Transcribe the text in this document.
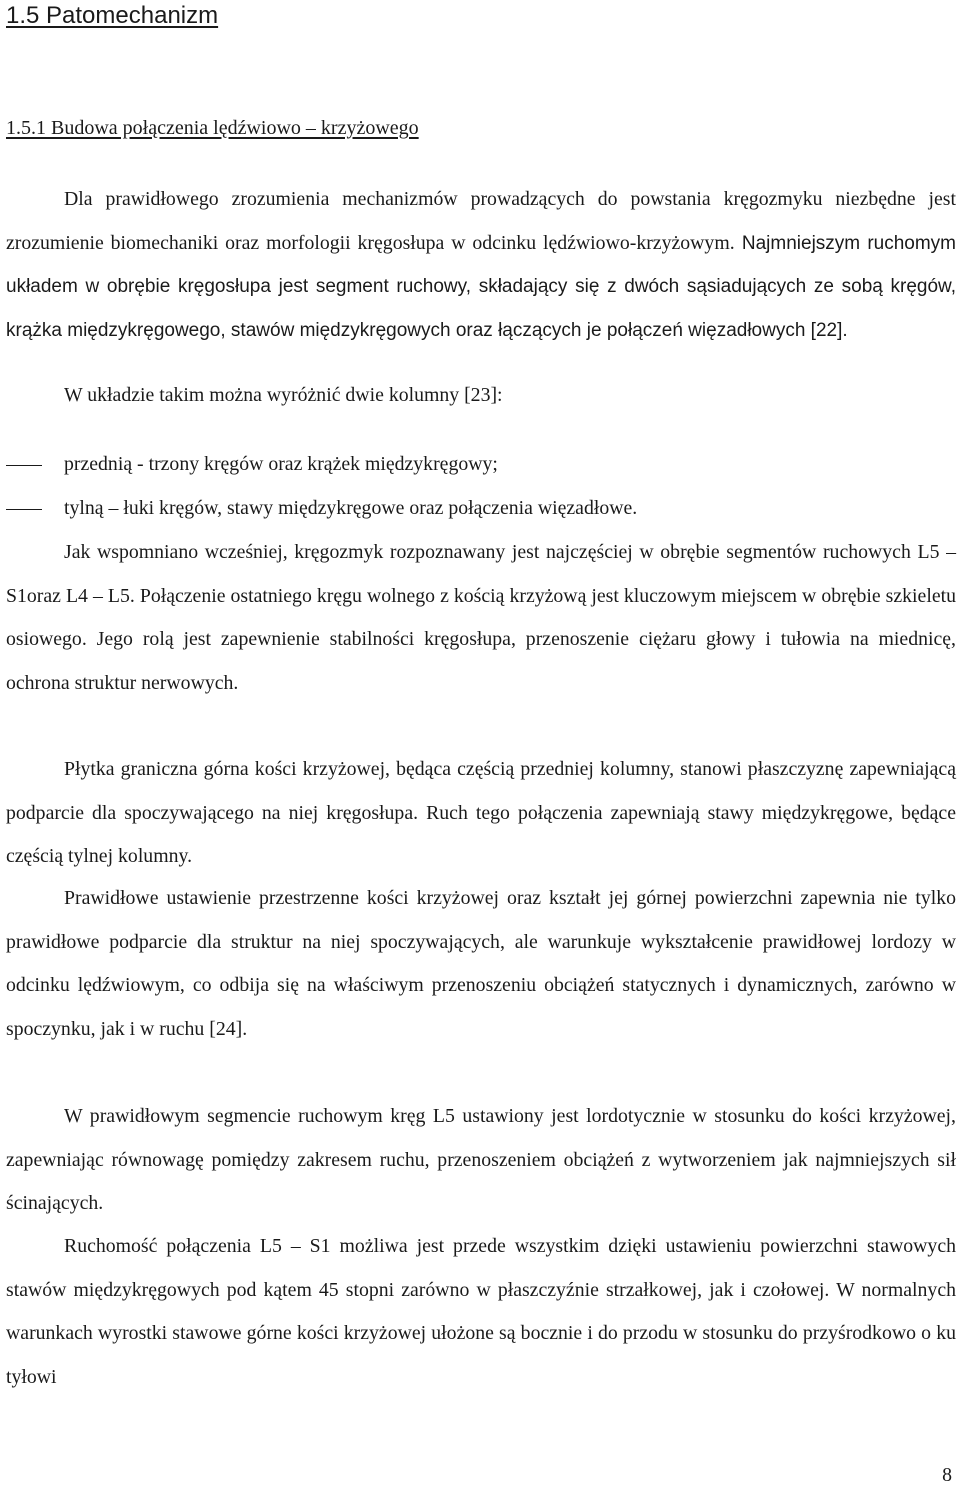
1.5 Patomechanizm
1.5.1 Budowa połączenia lędźwiowo – krzyżowego

Dla prawidłowego zrozumienia mechanizmów prowadzących do powstania kręgozmyku niezbędne jest zrozumienie biomechaniki oraz morfologii kręgosłupa w odcinku lędźwiowo-krzyżowym. Najmniejszym ruchomym układem w obrębie kręgosłupa jest segment ruchowy, składający się z dwóch sąsiadujących ze sobą kręgów, krążka międzykręgowego, stawów międzykręgowych oraz łączących je połączeń więzadłowych [22].

W układzie takim można wyróżnić dwie kolumny [23]:
przednią - trzony kręgów oraz krążek międzykręgowy;
tylną – łuki kręgów, stawy międzykręgowe oraz połączenia więzadłowe.

Jak wspomniano wcześniej, kręgozmyk rozpoznawany jest najczęściej w obrębie segmentów ruchowych L5 – S1oraz L4 – L5. Połączenie ostatniego kręgu wolnego z kością krzyżową jest kluczowym miejscem w obrębie szkieletu osiowego. Jego rolą jest zapewnienie stabilności kręgosłupa, przenoszenie ciężaru głowy i tułowia na miednicę, ochrona struktur nerwowych.

Płytka graniczna górna kości krzyżowej, będąca częścią przedniej kolumny, stanowi płaszczyznę zapewniającą podparcie dla spoczywającego na niej kręgosłupa. Ruch tego połączenia zapewniają stawy międzykręgowe, będące częścią tylnej kolumny.

Prawidłowe ustawienie przestrzenne kości krzyżowej oraz kształt jej górnej powierzchni zapewnia nie tylko prawidłowe podparcie dla struktur na niej spoczywających, ale warunkuje wykształcenie prawidłowej lordozy w odcinku lędźwiowym, co odbija się na właściwym przenoszeniu obciążeń statycznych i dynamicznych, zarówno w spoczynku, jak i w ruchu [24].

W prawidłowym segmencie ruchowym kręg L5 ustawiony jest lordotycznie w stosunku do kości krzyżowej, zapewniając równowagę pomiędzy zakresem ruchu, przenoszeniem obciążeń z wytworzeniem jak najmniejszych sił ścinających.

Ruchomość połączenia L5 – S1 możliwa jest przede wszystkim dzięki ustawieniu powierzchni stawowych stawów międzykręgowych pod kątem 45 stopni zarówno w płaszczyźnie strzałkowej, jak i czołowej. W normalnych warunkach wyrostki stawowe górne kości krzyżowej ułożone są bocznie i do przodu w stosunku do przyśrodkowo o ku tyłowi

8
